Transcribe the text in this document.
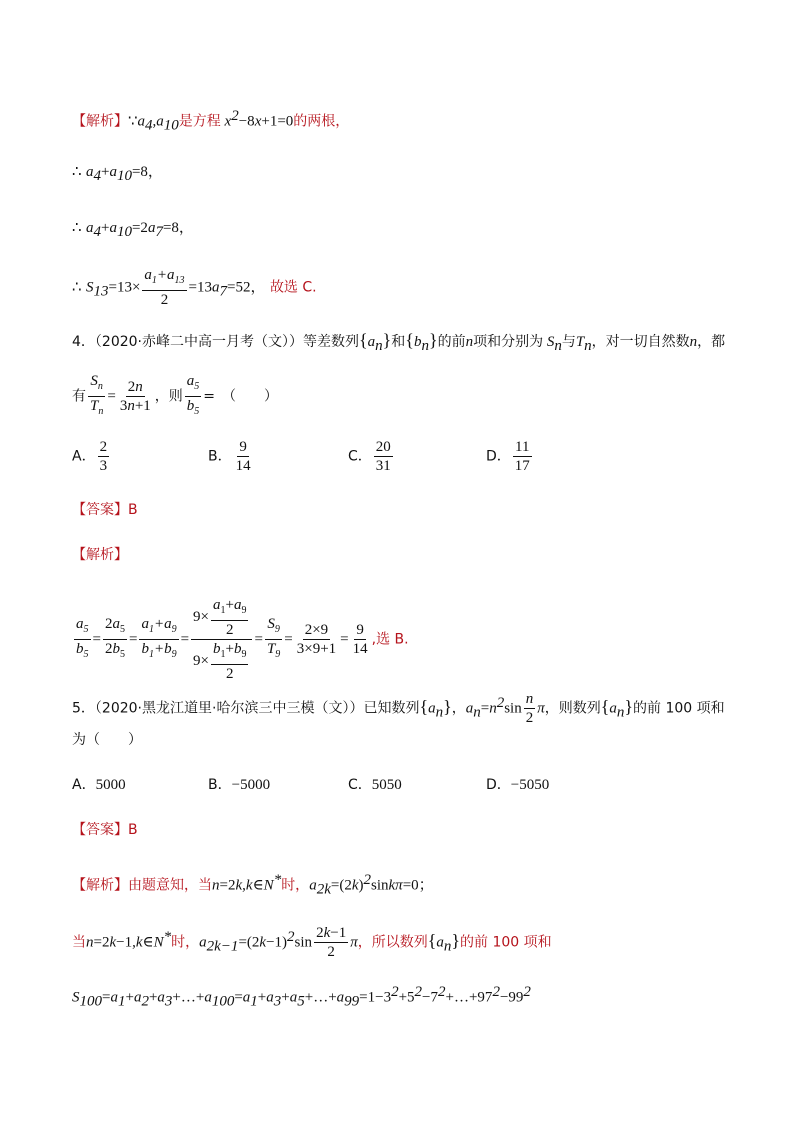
【解析】$\because a_4,a_{10}$是方程 $x^2-8x+1=0$的两根，
∴ $a_4+a_{10}=8$，
∴ $a_4+a_{10}=2a_7=8$，
∴ $S_{13}=13\times \frac{a_1+a_{13}}{2} =13a_7=52$， 故选 C.
4．（2020·赤峰二中高一月考（文））等差数列$\{a_n\}$和$\{b_n\}$的前n项和分别为 $S_n$与$T_n$，对一切自然数n，都
有 $\frac{S_n}{T_n} = \frac{2n}{3n+1}$ ，则 $\frac{a_5}{b_5}$ =　（　　）
A． $\frac{2}{3}$	B． $\frac{9}{14}$	C． $\frac{20}{31}$	D． $\frac{11}{17}$
【答案】B
【解析】
$\frac{a_5}{b_5} = \frac{2a_5}{2b_5} = \frac{a_1+a_9}{b_1+b_9} = \frac{9\times \frac{a_1+a_9}{2}}{9\times \frac{b_1+b_9}{2}} = \frac{S_9}{T_9} = \frac{2\times 9}{3\times 9+1} = \frac{9}{14}$ ,选 B.
5．（2020·黑龙江道里·哈尔滨三中三模（文））已知数列$\{a_n\}$，$a_n=n^2\sin \frac{n}{2}$ π，则数列$\{a_n\}$的前 100 项和
为（　　）
A．5000	B．−5000	C．5050	D．−5050
【答案】B
【解析】由题意知，当n=2k,k∈N*时，$a_{2k}=(2k)^2\sin k\pi=0$；
当n=2k−1,k∈N*时，$a_{2k-1}=(2k-1)^2\sin \frac{2k-1}{2}$ π，所以数列$\{a_n\}$的前 100 项和
$S_{100}=a_1+a_2+a_3+\dots+a_{100}=a_1+a_3+a_5+\dots+a_{99}=1-3^2+5^2-7^2+\dots+97^2-99^2$
